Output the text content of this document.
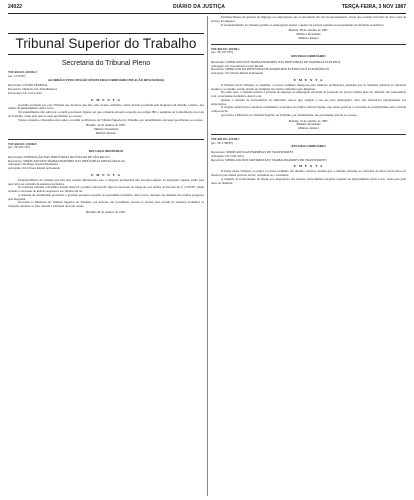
24022	DIÁRIO DA JUSTIÇA	TERÇA-FEIRA, 3 NOV 1987
Tribunal Superior do Trabalho
Secretaria do Tribunal Pleno

TST-RO-DC-183/84.4

(Ac. 2135/87)

ACORDÃO (TP/DC/SESSÃO DE RECURSO ORDINÁRIO EM AÇÃO RESCISÓRIA)

Recorrente: UNIÃO FEDERAL

Recorrido: Sindicato dos Trabalhadores

Procurador: Dr. José Carlos

E M E N T A

Acórdão proferido por esse Tribunal que declarou que não cabe recurso ordinário contra decisão proferida pelo Regional em dissídio coletivo, nos termos da jurisprudência desta Corte.

Tal entendimento não subverte a ordem processual vigente, eis que a matéria encontra respaldo nos artigos 895 e seguintes da Consolidação das Leis do Trabalho, razão pela qual se nega provimento ao recurso.

Vistos, relatados e discutidos estes autos, acordam os Ministros do Tribunal Superior do Trabalho, por unanimidade, em negar provimento ao recurso.

Brasília, 10 de outubro de 1987.

Ministro Presidente

Ministro Relator

TST-RO-DC-233/86.9

(Ac. TP-2017/87)

RECURSO ORDINÁRIO

Recorrentes: FEDERAÇÃO DAS INDÚSTRIAS DO ESTADO DE SÃO PAULO

Recorridos: SINDICATO DOS TRABALHADORES NAS INDÚSTRIAS METALÚRGICAS

Advogado: Dr. Hugo Gueiros Bernardes

Advogado: Dr. Ulisses Riedel de Resende

E M E N T A

Estabelecimento de cláusula que fixa piso salarial diferenciado para a categoria profissional não encontra amparo na legislação vigente, razão pela qual deve ser excluída da sentença normativa.

Os reajustes salariais concedidos devem observar a política salarial em vigor na data-base da categoria, nos termos do Decreto-lei nº 2.335/87, sendo vedada a concessão de índices superiores aos fixados em lei.

A cláusula de estabilidade provisória à gestante encontra respaldo no precedente normativo desta Corte, devendo ser mantida nos termos propostos pelo Regional.

Acordam os Ministros do Tribunal Superior do Trabalho, por maioria, dar provimento parcial ao recurso para excluir da sentença normativa as cláusulas relativas ao piso salarial e adicional de horas extras.

Brasília, 08 de outubro de 1987.

Estabelecimento da garantia de emprego aos empregados que se encontrem em vias de aposentadoria, desde que contem com mais de cinco anos de serviço na empresa.

O estabelecimento da cláusula permite ao empregador ajustar o quadro de pessoal segundo as necessidades da atividade econômica.

Brasília, 08 de outubro de 1987.

Ministro Presidente

Ministro Relator

TST-RO-DC-303/86.1

(Ac. TP-1871/87)

RECURSO ORDINÁRIO

Recorrente: SINDICATO DOS TRABALHADORES NAS INDÚSTRIAS DE MATERIAL ELÉTRICO

Advogado: Dr. José Alberto Couto Maciel

Recorrido: SINDICATO DA INDÚSTRIA DE APARELHOS ELÉTRICOS E ELETRÔNICOS

Advogado: Dr. Ulisses Riedel de Resende

E M E N T A

O Plenário deste Tribunal, ao examinar o recurso ordinário interposto pelo sindicato profissional, entendeu que as cláusulas relativas ao adicional noturno e ao auxílio-creche devem ser mantidas nos termos deferidos pelo Regional.

De outro lado, a cláusula relativa à garantia de emprego ao empregado em idade de prestação do serviço militar deve ser deferida, em consonância com o precedente normativo desta Corte.

Quanto à cláusula de fornecimento de uniformes, tem-se que, exigido o seu uso pelo empregador, deve este fornecê-los gratuitamente aos empregados.

O reajuste salarial deve obedecer estritamente às normas da política salarial vigente, não sendo possível a concessão de produtividade sem a devida comprovação.

Acordam os Ministros do Tribunal Superior do Trabalho, por unanimidade, dar provimento parcial ao recurso.

Brasília, 15 de outubro de 1987.

Ministro Presidente

Ministro Relator

TST-RO-DC-311/86.7

(Ac. TP-1789/87)

RECURSO ORDINÁRIO

Recorrente: SINDICATO DAS EMPRESAS DE TRANSPORTES

Advogado: Dr. Célio Silva

Recorrido: SINDICATO DOS MOTORISTAS E TRABALHADORES EM TRANSPORTES

E M E N T A

O Pleno desse Tribunal, ao julgar o recurso ordinário em dissídio coletivo, decidiu que a cláusula referente ao adicional de horas extras deve ser fixada no percentual previsto em lei, excluindo-se o excedente.

A cláusula de fornecimento de lanche aos empregados em jornada extraordinária encontra respaldo na jurisprudência desta Corte, razão pela qual deve ser mantida.
